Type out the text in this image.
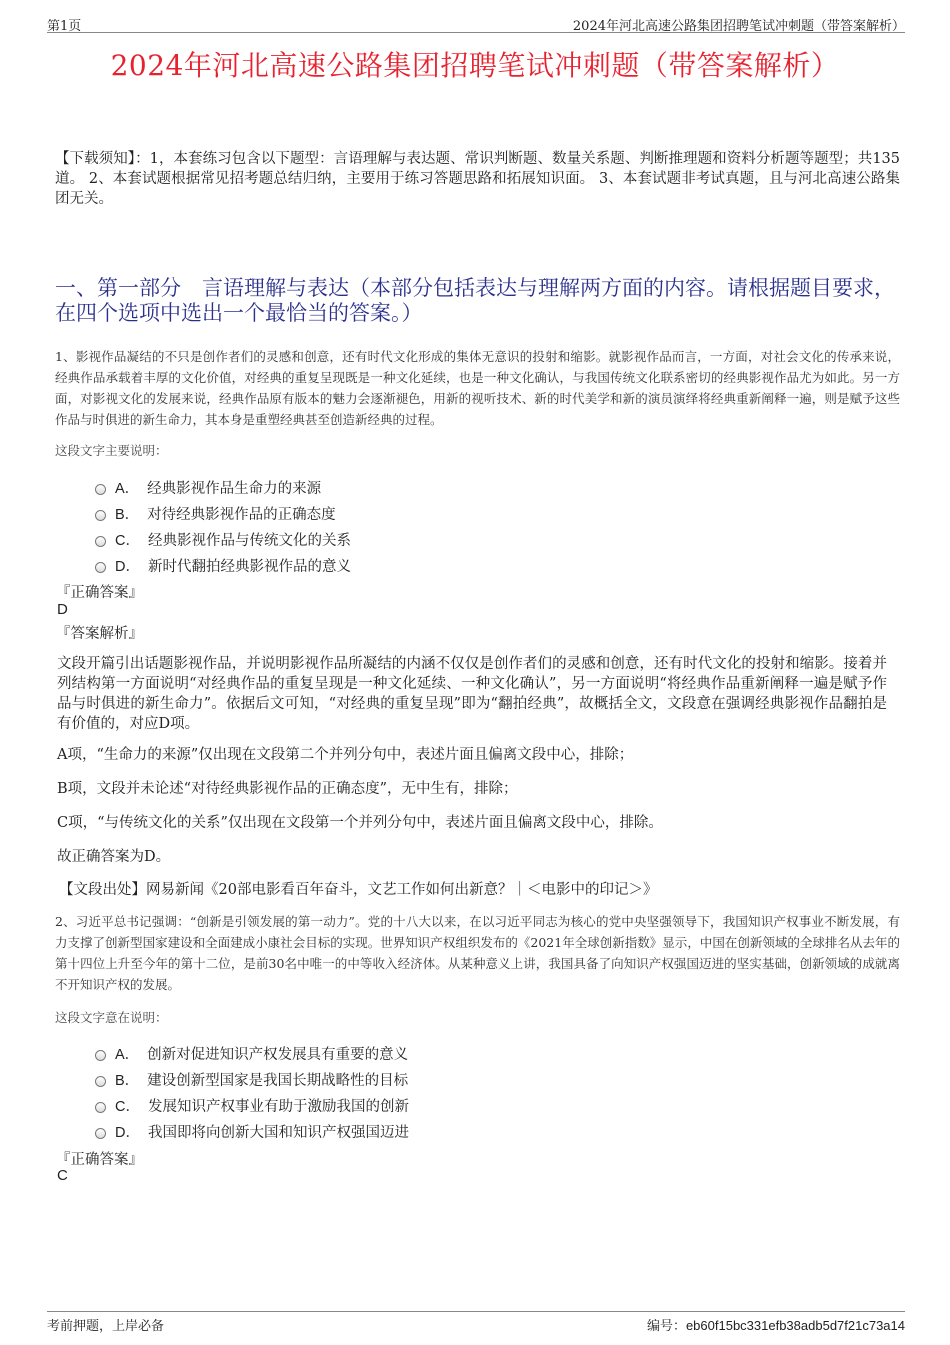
第1页	2024年河北高速公路集团招聘笔试冲刺题（带答案解析）
2024年河北高速公路集团招聘笔试冲刺题（带答案解析）
【下载须知】：1，本套练习包含以下题型：言语理解与表达题、常识判断题、数量关系题、判断推理题和资料分析题等题型；共135道。 2、本套试题根据常见招考题总结归纳，主要用于练习答题思路和拓展知识面。 3、本套试题非考试真题，且与河北高速公路集团无关。
一、第一部分　言语理解与表达（本部分包括表达与理解两方面的内容。请根据题目要求，在四个选项中选出一个最恰当的答案。）
1、影视作品凝结的不只是创作者们的灵感和创意，还有时代文化形成的集体无意识的投射和缩影。就影视作品而言，一方面，对社会文化的传承来说，经典作品承载着丰厚的文化价值，对经典的重复呈现既是一种文化延续，也是一种文化确认，与我国传统文化联系密切的经典影视作品尤为如此。另一方面，对影视文化的发展来说，经典作品原有版本的魅力会逐渐褪色，用新的视听技术、新的时代美学和新的演员演绎将经典重新阐释一遍，则是赋予这些作品与时俱进的新生命力，其本身是重塑经典甚至创造新经典的过程。
这段文字主要说明：
A． 经典影视作品生命力的来源
B． 对待经典影视作品的正确态度
C． 经典影视作品与传统文化的关系
D． 新时代翻拍经典影视作品的意义
『正确答案』
D
『答案解析』
文段开篇引出话题影视作品，并说明影视作品所凝结的内涵不仅仅是创作者们的灵感和创意，还有时代文化的投射和缩影。接着并列结构第一方面说明“对经典作品的重复呈现是一种文化延续、一种文化确认”，另一方面说明“将经典作品重新阐释一遍是赋予作品与时俱进的新生命力”。依据后文可知，“对经典的重复呈现”即为“翻拍经典”，故概括全文，文段意在强调经典影视作品翻拍是有价值的，对应D项。
A项，“生命力的来源”仅出现在文段第二个并列分句中，表述片面且偏离文段中心，排除；
B项，文段并未论述“对待经典影视作品的正确态度”，无中生有，排除；
C项，“与传统文化的关系”仅出现在文段第一个并列分句中，表述片面且偏离文段中心，排除。
故正确答案为D。
【文段出处】网易新闻《20部电影看百年奋斗，文艺工作如何出新意？｜＜电影中的印记＞》
2、习近平总书记强调：“创新是引领发展的第一动力”。党的十八大以来，在以习近平同志为核心的党中央坚强领导下，我国知识产权事业不断发展，有力支撑了创新型国家建设和全面建成小康社会目标的实现。世界知识产权组织发布的《2021年全球创新指数》显示，中国在创新领域的全球排名从去年的第十四位上升至今年的第十二位，是前30名中唯一的中等收入经济体。从某种意义上讲，我国具备了向知识产权强国迈进的坚实基础，创新领域的成就离不开知识产权的发展。
这段文字意在说明：
A． 创新对促进知识产权发展具有重要的意义
B． 建设创新型国家是我国长期战略性的目标
C． 发展知识产权事业有助于激励我国的创新
D． 我国即将向创新大国和知识产权强国迈进
『正确答案』
C
考前押题，上岸必备	编号：eb60f15bc331efb38adb5d7f21c73a14
